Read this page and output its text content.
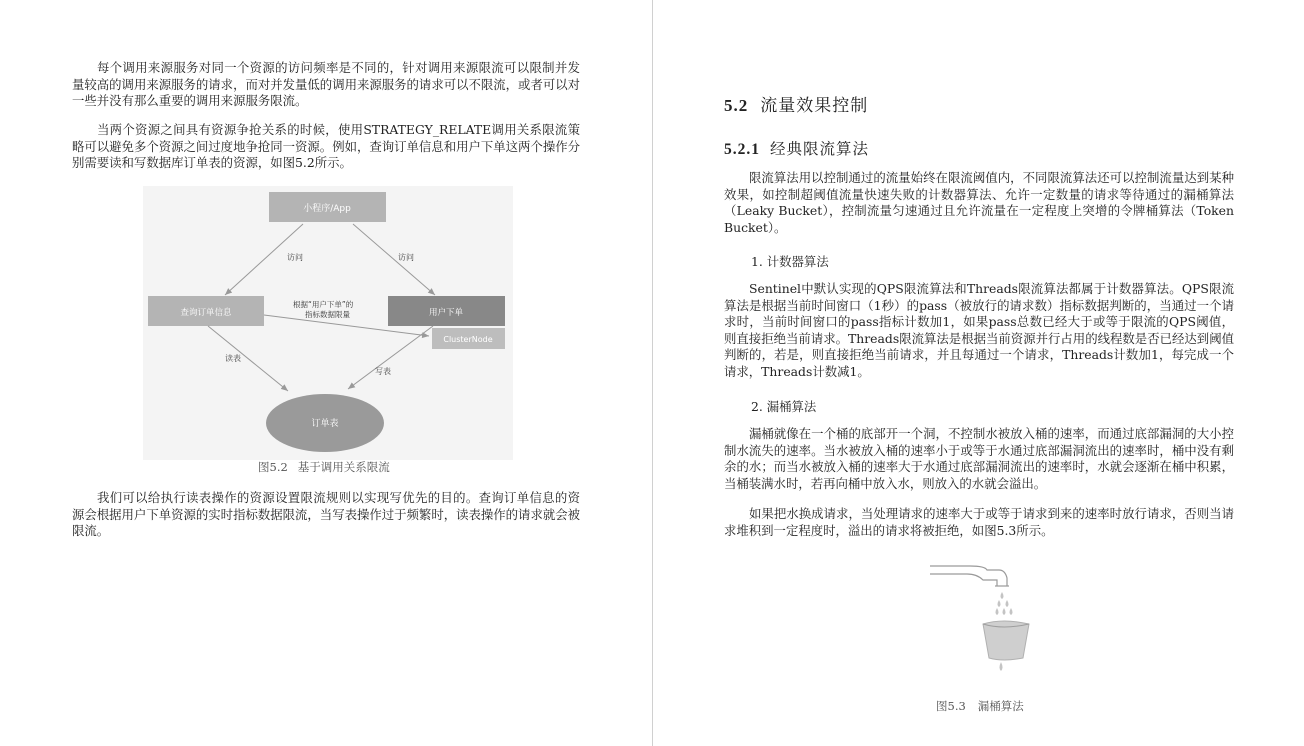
每个调用来源服务对同一个资源的访问频率是不同的，针对调用来源限流可以限制并发量较高的调用来源服务的请求，而对并发量低的调用来源服务的请求可以不限流，或者可以对一些并没有那么重要的调用来源服务限流。

当两个资源之间具有资源争抢关系的时候，使用STRATEGY_RELATE调用关系限流策略可以避免多个资源之间过度地争抢同一资源。例如，查询订单信息和用户下单这两个操作分别需要读和写数据库订单表的资源，如图5.2所示。

小程序/App
访问	访问
查询订单信息	用户下单
根据“用户下单”的
指标数据限量
ClusterNode
读表
写表
订单表
图5.2 基于调用关系限流

我们可以给执行读表操作的资源设置限流规则以实现写优先的目的。查询订单信息的资源会根据用户下单资源的实时指标数据限流，当写表操作过于频繁时，读表操作的请求就会被限流。

5.2 流量效果控制
5.2.1 经典限流算法

限流算法用以控制通过的流量始终在限流阈值内，不同限流算法还可以控制流量达到某种效果，如控制超阈值流量快速失败的计数器算法、允许一定数量的请求等待通过的漏桶算法（Leaky Bucket），控制流量匀速通过且允许流量在一定程度上突增的令牌桶算法（Token Bucket）。

1. 计数器算法

Sentinel中默认实现的QPS限流算法和Threads限流算法都属于计数器算法。QPS限流算法是根据当前时间窗口（1秒）的pass（被放行的请求数）指标数据判断的，当通过一个请求时，当前时间窗口的pass指标计数加1，如果pass总数已经大于或等于限流的QPS阈值，则直接拒绝当前请求。Threads限流算法是根据当前资源并行占用的线程数是否已经达到阈值判断的，若是，则直接拒绝当前请求，并且每通过一个请求，Threads计数加1，每完成一个请求，Threads计数减1。

2. 漏桶算法

漏桶就像在一个桶的底部开一个洞，不控制水被放入桶的速率，而通过底部漏洞的大小控制水流失的速率。当水被放入桶的速率小于或等于水通过底部漏洞流出的速率时，桶中没有剩余的水；而当水被放入桶的速率大于水通过底部漏洞流出的速率时，水就会逐渐在桶中积累，当桶装满水时，若再向桶中放入水，则放入的水就会溢出。

如果把水换成请求，当处理请求的速率大于或等于请求到来的速率时放行请求，否则当请求堆积到一定程度时，溢出的请求将被拒绝，如图5.3所示。

图5.3 漏桶算法
